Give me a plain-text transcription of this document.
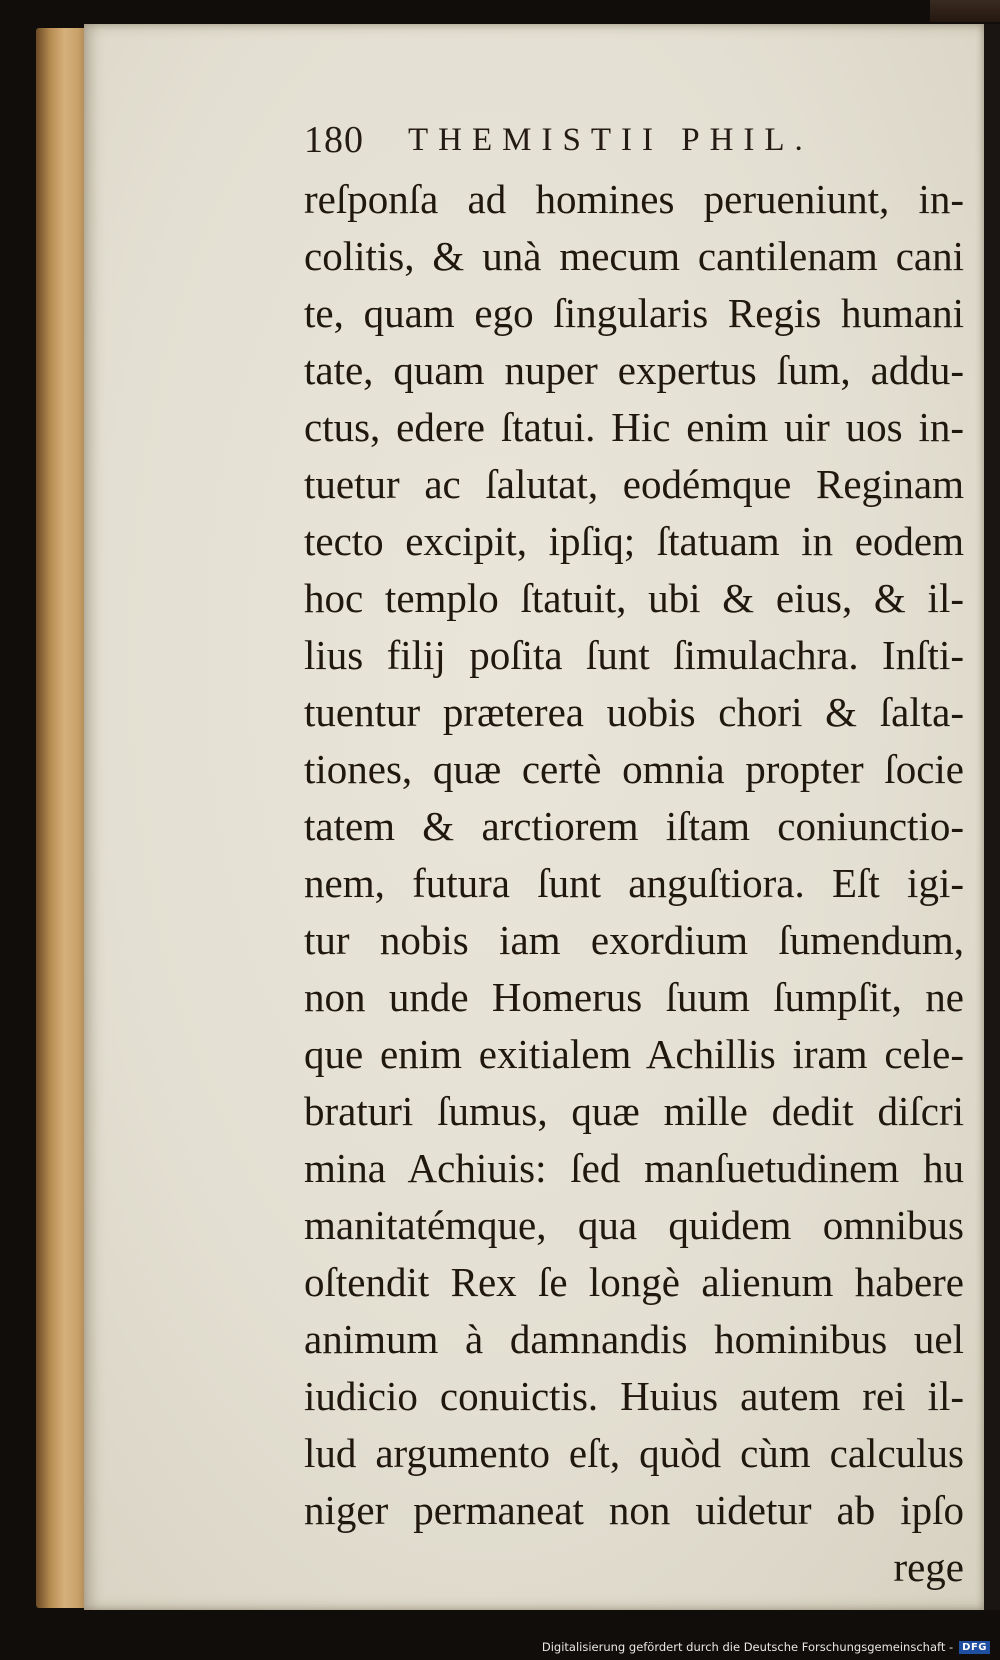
180 THEMISTII PHIL.
reſponſa ad homines perueniunt, in-
colitis, & unà mecum cantilenam cani
te, quam ego ſingularis Regis humani
tate, quam nuper expertus ſum, addu-
ctus, edere ſtatui. Hic enim uir uos in-
tuetur ac ſalutat, eodémque Reginam
tecto excipit, ipſiq; ſtatuam in eodem
hoc templo ſtatuit, ubi & eius, & il-
lius filij poſita ſunt ſimulachra. Inſti-
tuentur præterea uobis chori & ſalta-
tiones, quæ certè omnia propter ſocie
tatem & arctiorem iſtam coniunctio-
nem, futura ſunt anguſtiora. Eſt igi-
tur nobis iam exordium ſumendum,
non unde Homerus ſuum ſumpſit, ne
que enim exitialem Achillis iram cele-
braturi ſumus, quæ mille dedit diſcri
mina Achiuis: ſed manſuetudinem hu
manitatémque, qua quidem omnibus
oſtendit Rex ſe longè alienum habere
animum à damnandis hominibus uel
iudicio conuictis. Huius autem rei il-
lud argumento eſt, quòd cùm calculus
niger permaneat non uidetur ab ipſo
rege
Digitalisierung gefördert durch die Deutsche Forschungsgemeinschaft - DFG
